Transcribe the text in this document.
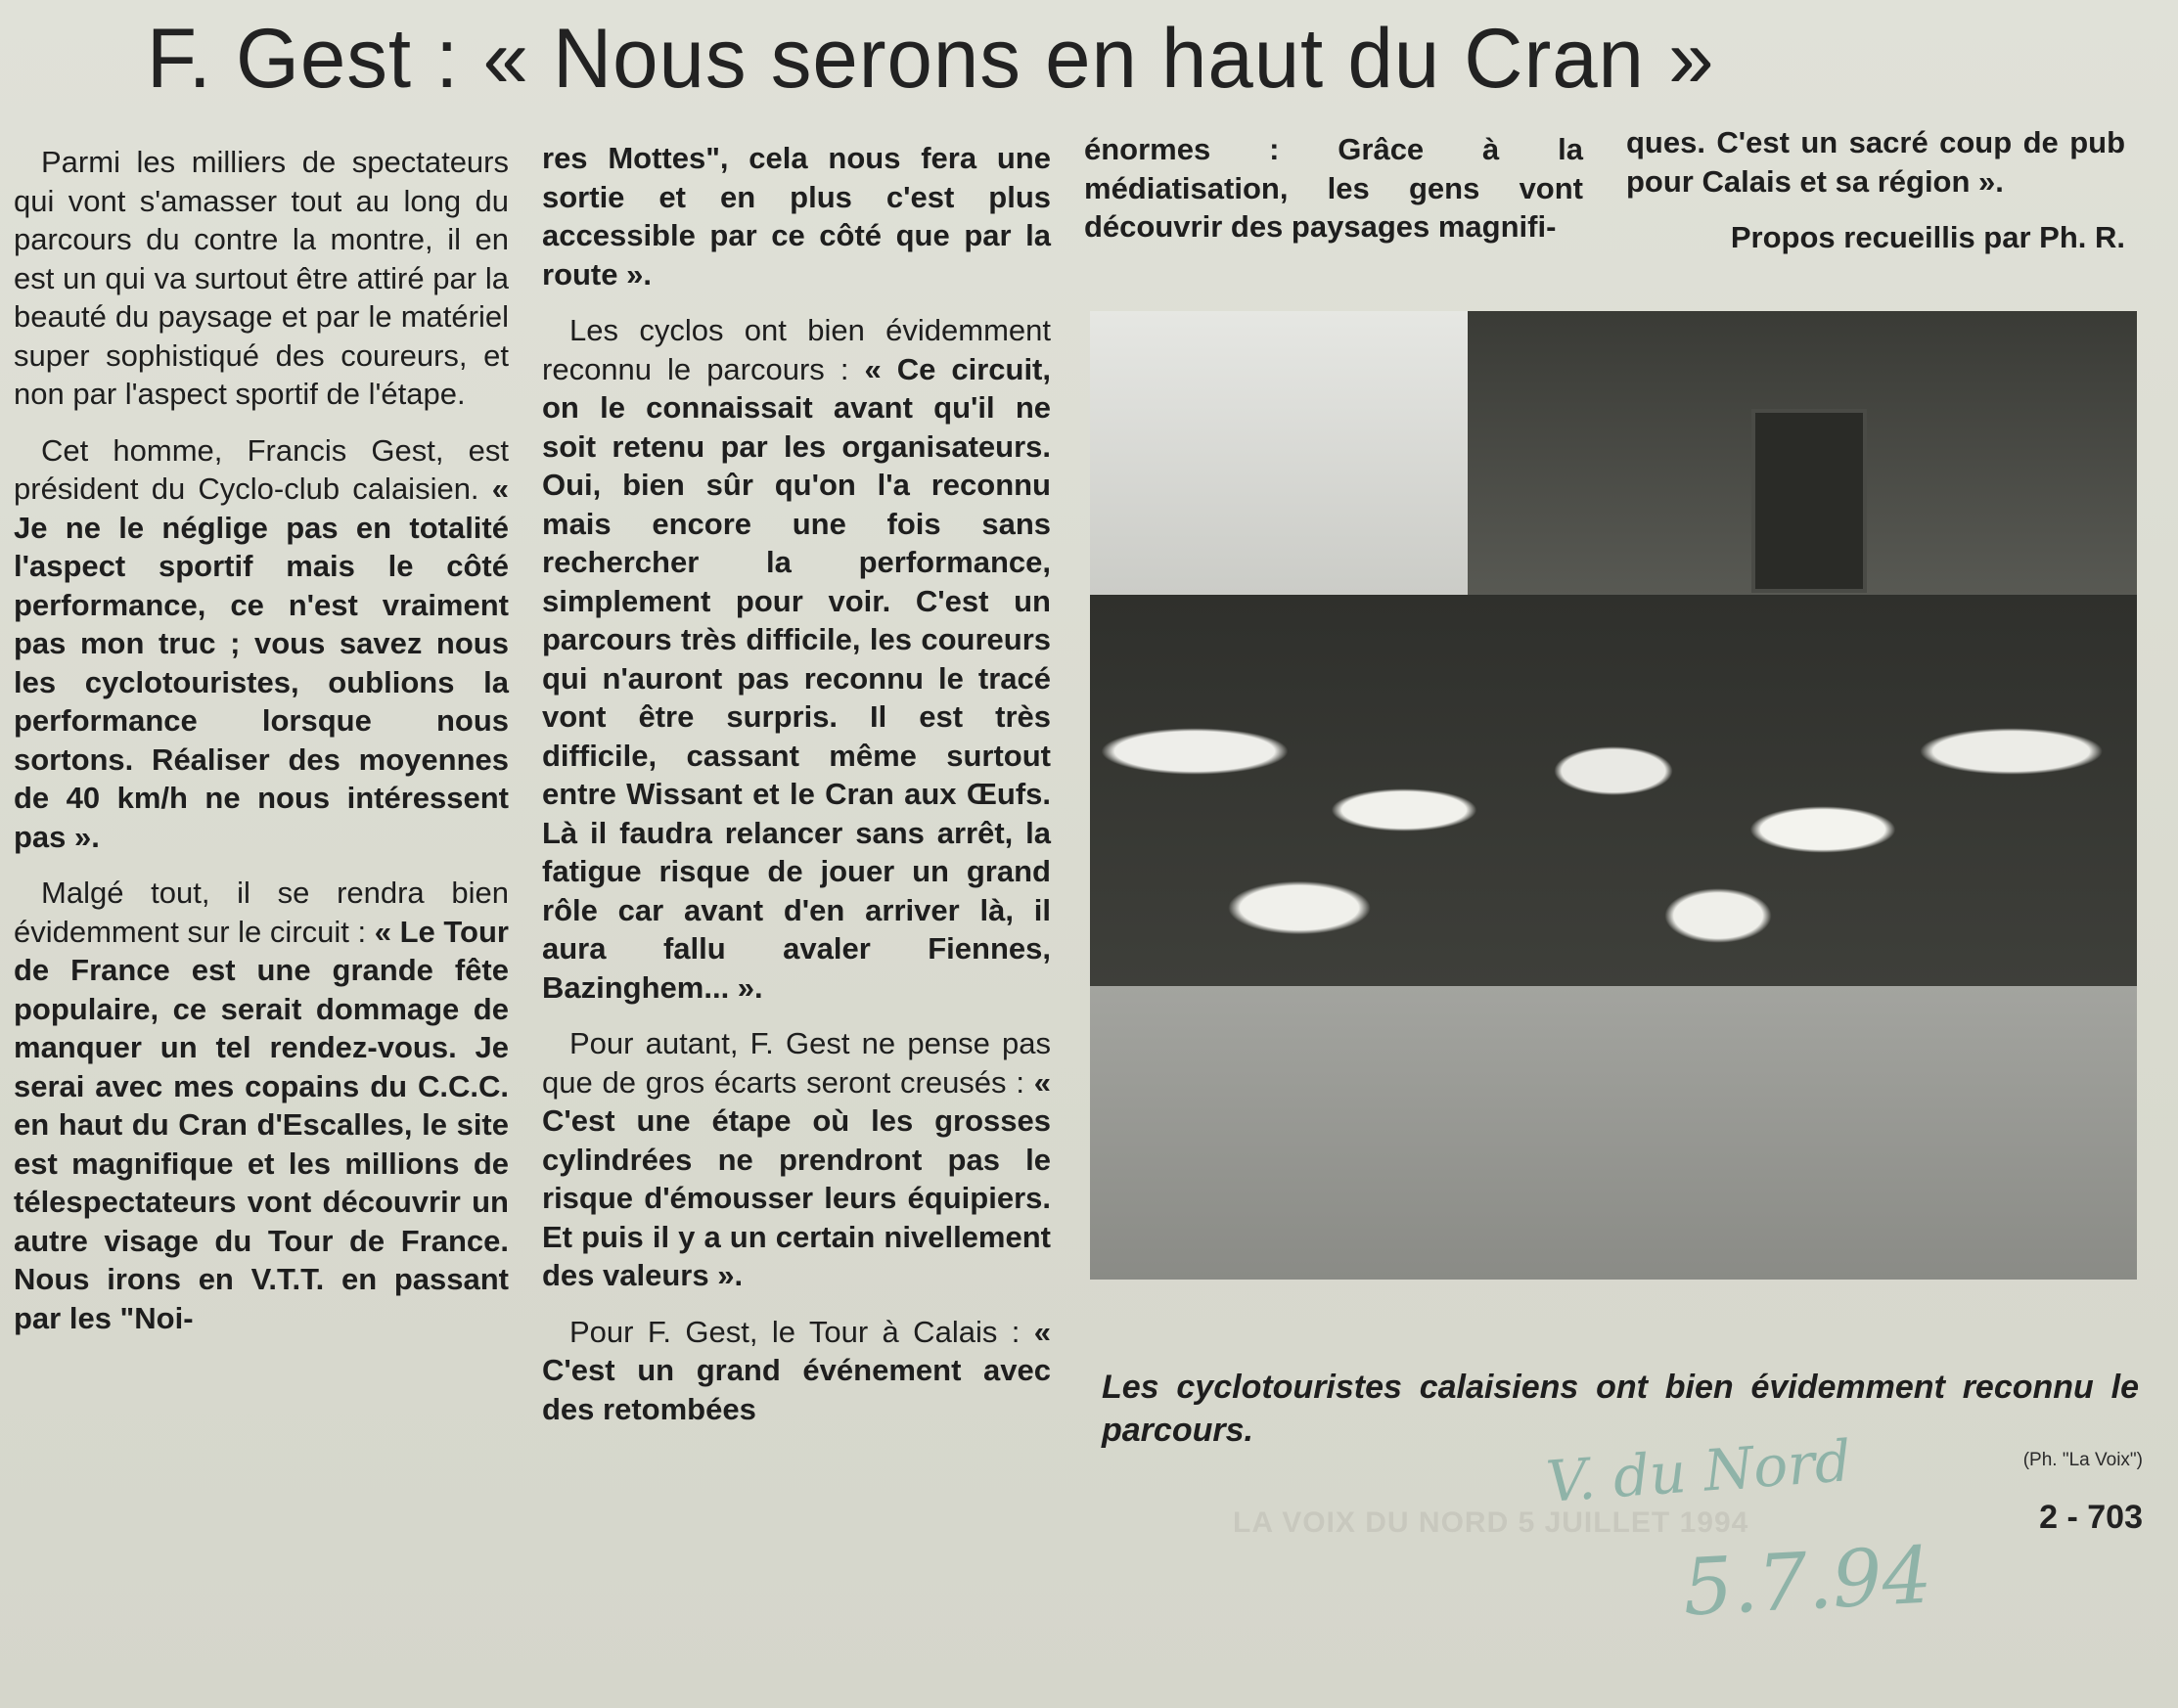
F. Gest : « Nous serons en haut du Cran »

Parmi les milliers de spectateurs qui vont s'amasser tout au long du parcours du contre la montre, il en est un qui va surtout être attiré par la beauté du paysage et par le matériel super sophistiqué des coureurs, et non par l'aspect sportif de l'étape.

Cet homme, Francis Gest, est président du Cyclo-club calaisien. « Je ne le néglige pas en totalité l'aspect sportif mais le côté performance, ce n'est vraiment pas mon truc ; vous savez nous les cyclotouristes, oublions la performance lorsque nous sortons. Réaliser des moyennes de 40 km/h ne nous intéressent pas ».

Malgé tout, il se rendra bien évidemment sur le circuit : « Le Tour de France est une grande fête populaire, ce serait dommage de manquer un tel rendez-vous. Je serai avec mes copains du C.C.C. en haut du Cran d'Escalles, le site est magnifique et les millions de télespectateurs vont découvrir un autre visage du Tour de France. Nous irons en V.T.T. en passant par les "Noi-

res Mottes", cela nous fera une sortie et en plus c'est plus accessible par ce côté que par la route ».

Les cyclos ont bien évidemment reconnu le parcours : « Ce circuit, on le connaissait avant qu'il ne soit retenu par les organisateurs. Oui, bien sûr qu'on l'a reconnu mais encore une fois sans rechercher la performance, simplement pour voir. C'est un parcours très difficile, les coureurs qui n'auront pas reconnu le tracé vont être surpris. Il est très difficile, cassant même surtout entre Wissant et le Cran aux Œufs. Là il faudra relancer sans arrêt, la fatigue risque de jouer un grand rôle car avant d'en arriver là, il aura fallu avaler Fiennes, Bazinghem... ».

Pour autant, F. Gest ne pense pas que de gros écarts seront creusés : « C'est une étape où les grosses cylindrées ne prendront pas le risque d'émousser leurs équipiers. Et puis il y a un certain nivellement des valeurs ».

Pour F. Gest, le Tour à Calais : « C'est un grand événement avec des retombées

énormes : Grâce à la médiatisation, les gens vont découvrir des paysages magnifi-

ques. C'est un sacré coup de pub pour Calais et sa région ».

Propos recueillis par Ph. R.
Les cyclotouristes calaisiens ont bien évidemment reconnu le parcours.
(Ph. "La Voix")
2 - 703
LA VOIX DU NORD 5 JUILLET 1994
V. du Nord
5.7.94
